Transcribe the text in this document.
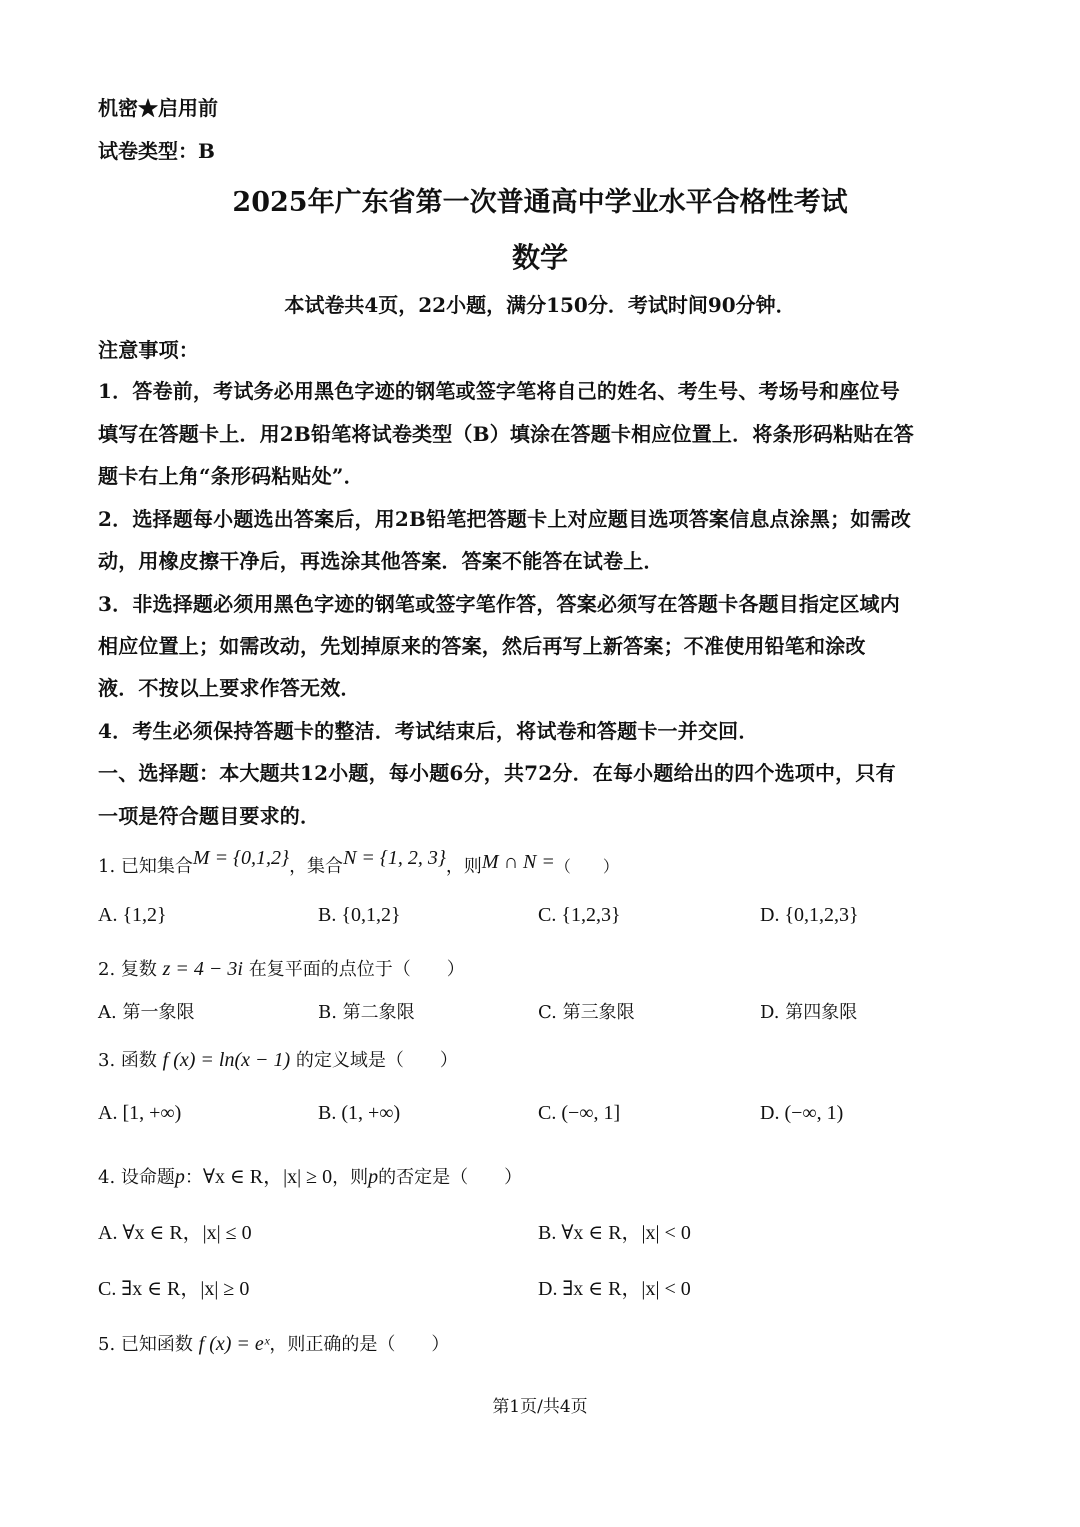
机密★启用前
试卷类型：B
2025年广东省第一次普通高中学业水平合格性考试
数学
本试卷共4页，22小题，满分150分．考试时间90分钟．
注意事项：
1．答卷前，考试务必用黑色字迹的钢笔或签字笔将自己的姓名、考生号、考场号和座位号
填写在答题卡上．用2B铅笔将试卷类型（B）填涂在答题卡相应位置上．将条形码粘贴在答
题卡右上角“条形码粘贴处”．
2．选择题每小题选出答案后，用2B铅笔把答题卡上对应题目选项答案信息点涂黑；如需改
动，用橡皮擦干净后，再选涂其他答案．答案不能答在试卷上．
3．非选择题必须用黑色字迹的钢笔或签字笔作答，答案必须写在答题卡各题目指定区域内
相应位置上；如需改动，先划掉原来的答案，然后再写上新答案；不准使用铅笔和涂改
液．不按以上要求作答无效．
4．考生必须保持答题卡的整洁．考试结束后，将试卷和答题卡一并交回．
一、选择题：本大题共12小题，每小题6分，共72分．在每小题给出的四个选项中，只有
一项是符合题目要求的．
1. 已知集合M = {0,1,2}，集合N = {1, 2, 3}，则M ∩ N =（　　）
A. {1,2}	B. {0,1,2}	C. {1,2,3}	D. {0,1,2,3}
2. 复数 z = 4 − 3i 在复平面的点位于（　　）
A. 第一象限	B. 第二象限	C. 第三象限	D. 第四象限
3. 函数 f (x) = ln(x − 1) 的定义域是（　　）
A. [1, +∞)	B. (1, +∞)	C. (−∞, 1]	D. (−∞, 1)
4. 设命题p：∀x ∈ R，|x| ≥ 0，则p的否定是（　　）
A. ∀x ∈ R，|x| ≤ 0	B. ∀x ∈ R，|x| < 0
C. ∃x ∈ R，|x| ≥ 0	D. ∃x ∈ R，|x| < 0
5. 已知函数 f (x) = eˣ，则正确的是（　　）
第1页/共4页
